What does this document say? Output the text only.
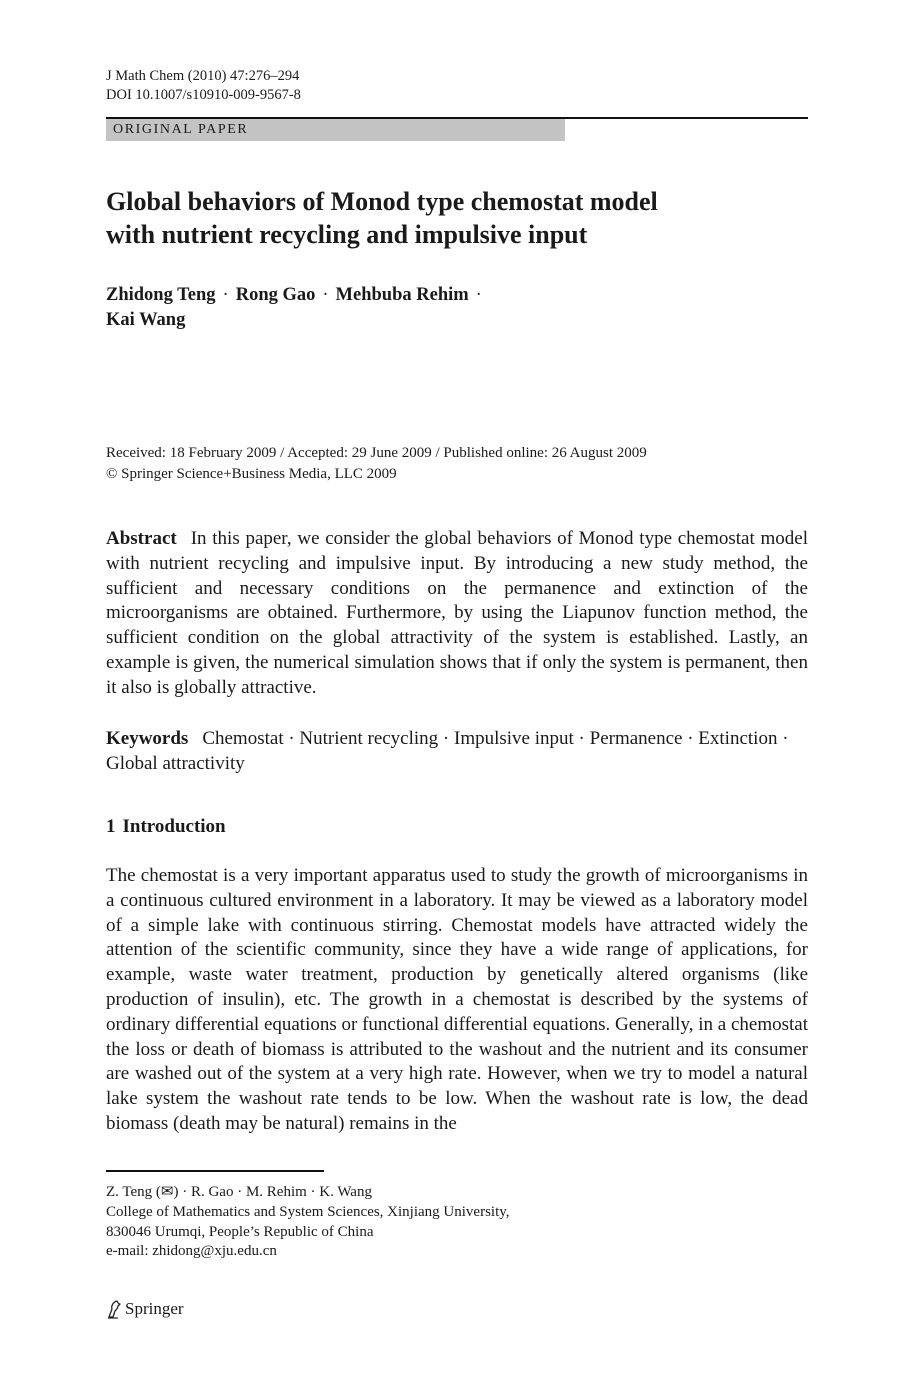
J Math Chem (2010) 47:276–294
DOI 10.1007/s10910-009-9567-8
ORIGINAL PAPER
Global behaviors of Monod type chemostat model
with nutrient recycling and impulsive input
Zhidong Teng · Rong Gao · Mehbuba Rehim ·
Kai Wang
Received: 18 February 2009 / Accepted: 29 June 2009 / Published online: 26 August 2009
© Springer Science+Business Media, LLC 2009
Abstract In this paper, we consider the global behaviors of Monod type chemostat model with nutrient recycling and impulsive input. By introducing a new study method, the sufficient and necessary conditions on the permanence and extinction of the microorganisms are obtained. Furthermore, by using the Liapunov function method, the sufficient condition on the global attractivity of the system is established. Lastly, an example is given, the numerical simulation shows that if only the system is permanent, then it also is globally attractive.
Keywords Chemostat · Nutrient recycling · Impulsive input · Permanence · Extinction · Global attractivity
1 Introduction
The chemostat is a very important apparatus used to study the growth of microorganisms in a continuous cultured environment in a laboratory. It may be viewed as a laboratory model of a simple lake with continuous stirring. Chemostat models have attracted widely the attention of the scientific community, since they have a wide range of applications, for example, waste water treatment, production by genetically altered organisms (like production of insulin), etc. The growth in a chemostat is described by the systems of ordinary differential equations or functional differential equations. Generally, in a chemostat the loss or death of biomass is attributed to the washout and the nutrient and its consumer are washed out of the system at a very high rate. However, when we try to model a natural lake system the washout rate tends to be low. When the washout rate is low, the dead biomass (death may be natural) remains in the
Z. Teng (✉) · R. Gao · M. Rehim · K. Wang
College of Mathematics and System Sciences, Xinjiang University,
830046 Urumqi, People’s Republic of China
e-mail: zhidong@xju.edu.cn
Springer
